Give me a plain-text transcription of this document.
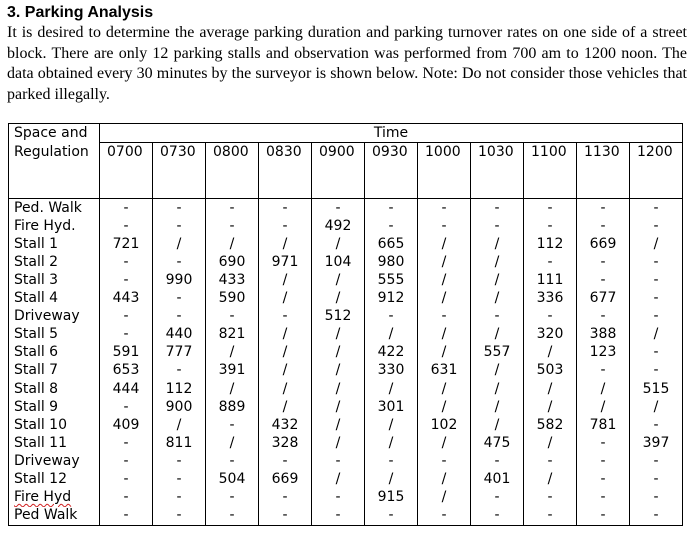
3. Parking Analysis

It is desired to determine the average parking duration and parking turnover rates on one side of a street block. There are only 12 parking stalls and observation was performed from 700 am to 1200 noon. The data obtained every 30 minutes by the surveyor is shown below. Note: Do not consider those vehicles that parked illegally.

Space and Regulation	Time										
	0700	0730	0800	0830	0900	0930	1000	1030	1100	1130	1200

Ped. Walk	-	-	-	-	-	-	-	-	-	-	-
Fire Hyd.	-	-	-	-	492	-	-	-	-	-	-
Stall 1	721	/	/	/	/	665	/	/	112	669	/
Stall 2	-	-	690	971	104	980	/	/	-	-	-
Stall 3	-	990	433	/	/	555	/	/	111	-	-
Stall 4	443	-	590	/	/	912	/	/	336	677	-
Driveway	-	-	-	-	512	-	-	-	-	-	-
Stall 5	-	440	821	/	/	/	/	/	320	388	/
Stall 6	591	777	/	/	/	422	/	557	/	123	-
Stall 7	653	-	391	/	/	330	631	/	503	-	-
Stall 8	444	112	/	/	/	/	/	/	/	/	515
Stall 9	-	900	889	/	/	301	/	/	/	/	/
Stall 10	409	/	-	432	/	/	102	/	582	781	-
Stall 11	-	811	/	328	/	/	/	475	/	-	397
Driveway	-	-	-	-	-	-	-	-	-	-	-
Stall 12	-	-	504	669	/	/	/	401	/	-	-
Fire Hyd	-	-	-	-	-	915	/	-	-	-	-
Ped Walk	-	-	-	-	-	-	-	-	-	-	-
